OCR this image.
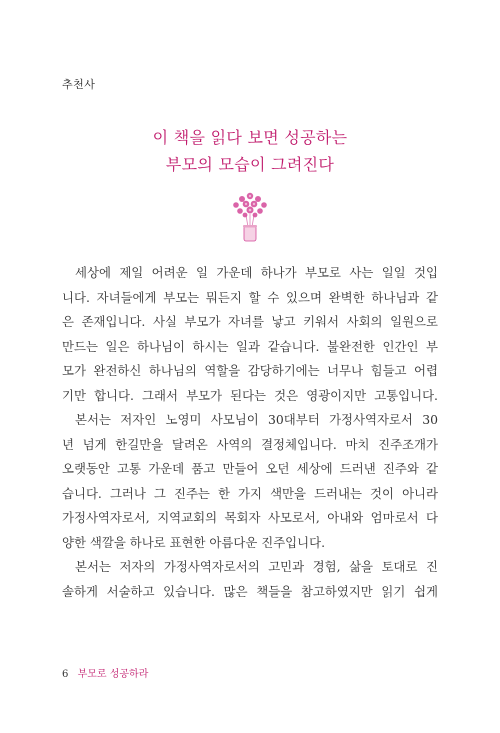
추천사
이 책을 읽다 보면 성공하는
부모의 모습이 그려진다
세상에 제일 어려운 일 가운데 하나가 부모로 사는 일일 것입
니다. 자녀들에게 부모는 뭐든지 할 수 있으며 완벽한 하나님과 같
은 존재입니다. 사실 부모가 자녀를 낳고 키워서 사회의 일원으로
만드는 일은 하나님이 하시는 일과 같습니다. 불완전한 인간인 부
모가 완전하신 하나님의 역할을 감당하기에는 너무나 힘들고 어렵
기만 합니다. 그래서 부모가 된다는 것은 영광이지만 고통입니다.
본서는 저자인 노영미 사모님이 30대부터 가정사역자로서 30
년 넘게 한길만을 달려온 사역의 결정체입니다. 마치 진주조개가
오랫동안 고통 가운데 품고 만들어 오던 세상에 드러낸 진주와 같
습니다. 그러나 그 진주는 한 가지 색만을 드러내는 것이 아니라
가정사역자로서, 지역교회의 목회자 사모로서, 아내와 엄마로서 다
양한 색깔을 하나로 표현한 아름다운 진주입니다.
본서는 저자의 가정사역자로서의 고민과 경험, 삶을 토대로 진
솔하게 서술하고 있습니다. 많은 책들을 참고하였지만 읽기 쉽게
6 부모로 성공하라
